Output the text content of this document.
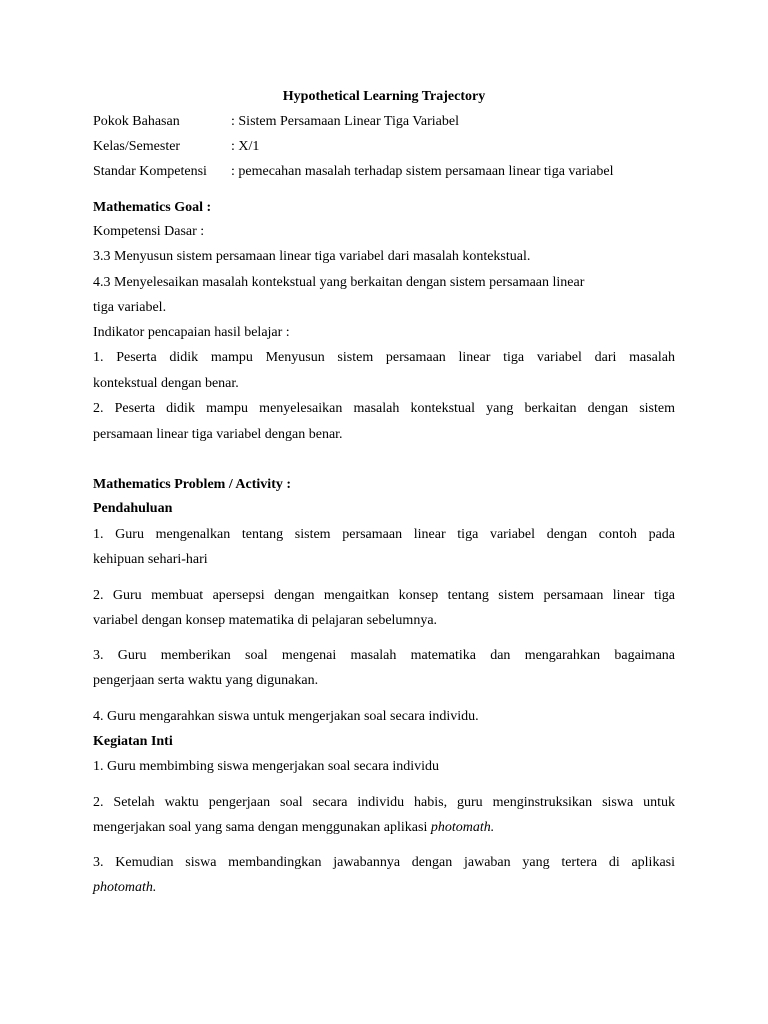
Hypothetical Learning Trajectory
Pokok Bahasan	: Sistem Persamaan Linear Tiga Variabel
Kelas/Semester	: X/1
Standar Kompetensi : pemecahan masalah terhadap sistem persamaan linear tiga variabel
Mathematics Goal :
Kompetensi Dasar :
3.3 Menyusun sistem persamaan linear tiga variabel dari masalah kontekstual.
4.3 Menyelesaikan masalah kontekstual yang berkaitan dengan sistem persamaan linear
tiga variabel.
Indikator pencapaian hasil belajar :
1. Peserta didik mampu Menyusun sistem persamaan linear tiga variabel dari masalah
kontekstual dengan benar.
2. Peserta didik mampu menyelesaikan masalah kontekstual yang berkaitan dengan sistem
persamaan linear tiga variabel dengan benar.
Mathematics Problem / Activity :
Pendahuluan
1. Guru mengenalkan tentang sistem persamaan linear tiga variabel dengan contoh pada
kehipuan sehari-hari
2. Guru membuat apersepsi dengan mengaitkan konsep tentang sistem persamaan linear tiga
variabel dengan konsep matematika di pelajaran sebelumnya.
3. Guru memberikan soal mengenai masalah matematika dan mengarahkan bagaimana
pengerjaan serta waktu yang digunakan.
4. Guru mengarahkan siswa untuk mengerjakan soal secara individu.
Kegiatan Inti
1. Guru membimbing siswa mengerjakan soal secara individu
2. Setelah waktu pengerjaan soal secara individu habis, guru menginstruksikan siswa untuk
mengerjakan soal yang sama dengan menggunakan aplikasi photomath.
3. Kemudian siswa membandingkan jawabannya dengan jawaban yang tertera di aplikasi
photomath.
